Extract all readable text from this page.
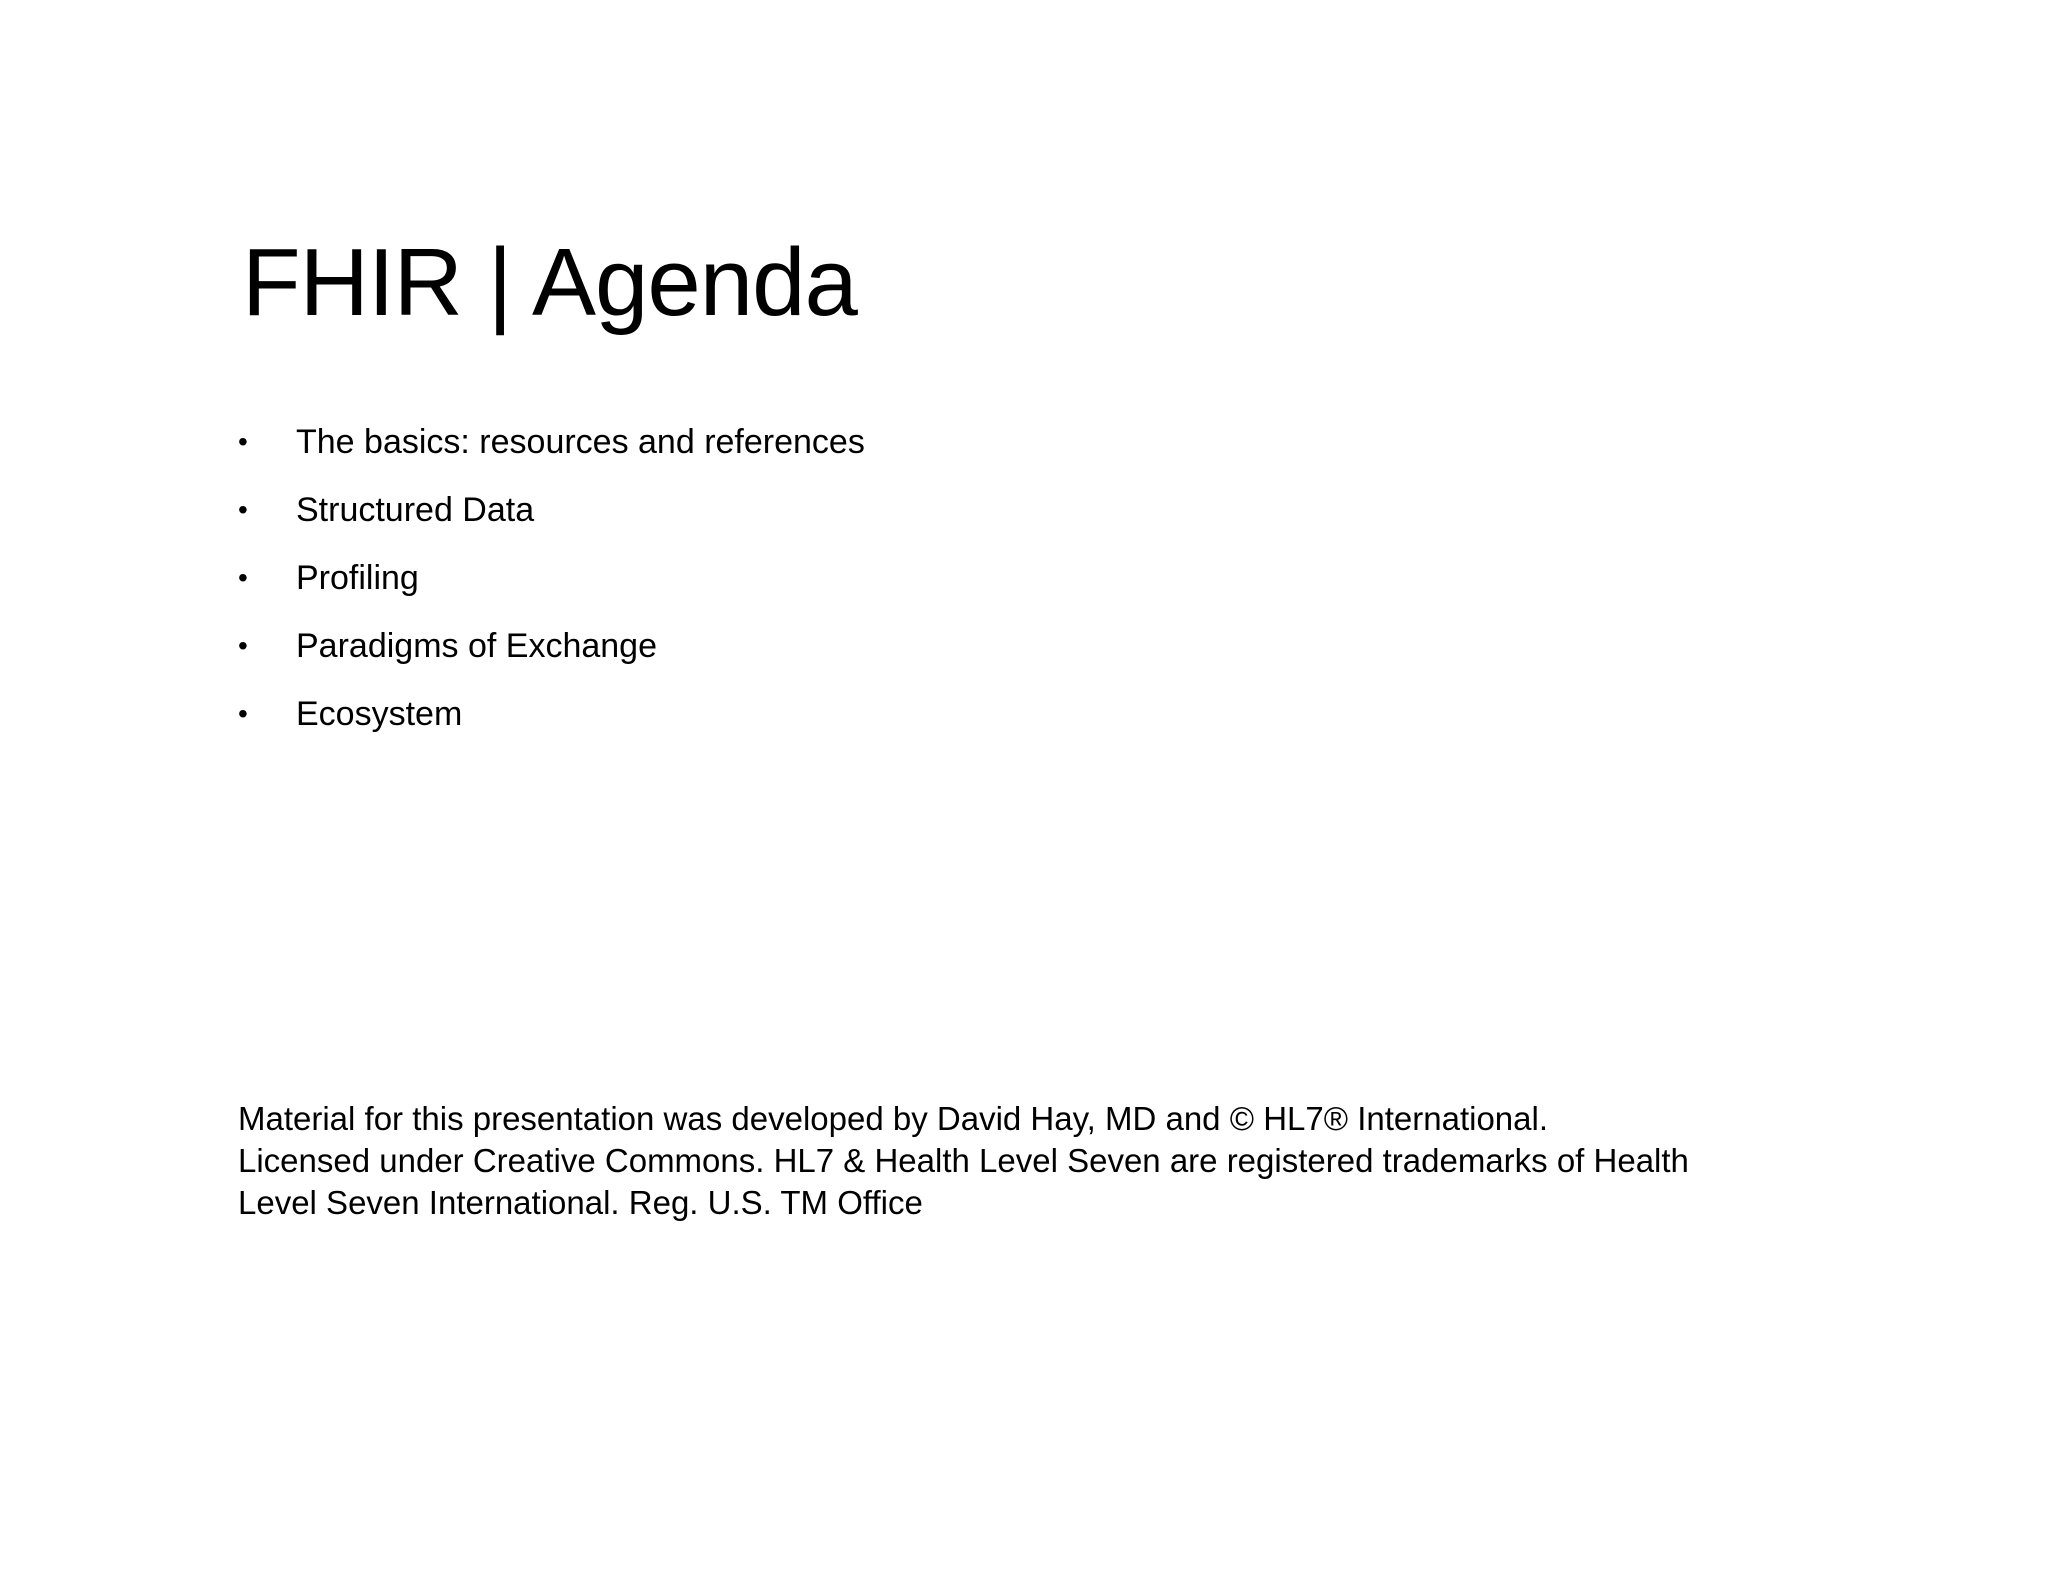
FHIR | Agenda
• The basics: resources and references
• Structured Data
• Profiling
• Paradigms of Exchange
• Ecosystem
Material for this presentation was developed by David Hay, MD and © HL7® International.
Licensed under Creative Commons. HL7 & Health Level Seven are registered trademarks of Health
Level Seven International. Reg. U.S. TM Office
